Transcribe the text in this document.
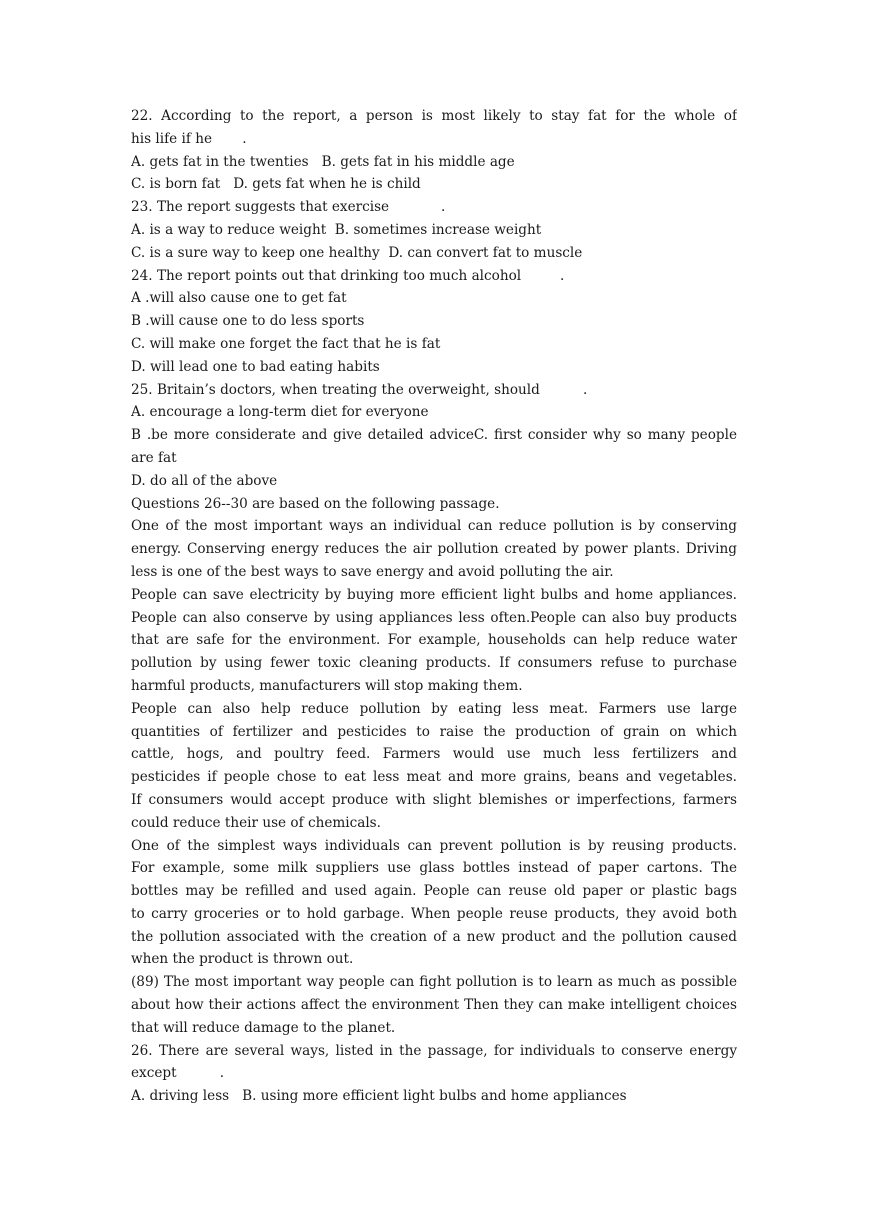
22. According to the report, a person is most likely to stay fat for the whole of
his life if he       .
A. gets fat in the twenties   B. gets fat in his middle age
C. is born fat   D. gets fat when he is child
23. The report suggests that exercise            .
A. is a way to reduce weight  B. sometimes increase weight
C. is a sure way to keep one healthy  D. can convert fat to muscle
24. The report points out that drinking too much alcohol         .
A .will also cause one to get fat
B .will cause one to do less sports
C. will make one forget the fact that he is fat
D. will lead one to bad eating habits
25. Britain’s doctors, when treating the overweight, should          .
A. encourage a long-term diet for everyone
B .be more considerate and give detailed adviceC. first consider why so many people
are fat
D. do all of the above
Questions 26--30 are based on the following passage.
One of the most important ways an individual can reduce pollution is by conserving
energy. Conserving energy reduces the air pollution created by power plants. Driving
less is one of the best ways to save energy and avoid polluting the air.
People can save electricity by buying more efficient light bulbs and home appliances.
People can also conserve by using appliances less often.People can also buy products
that are safe for the environment. For example, households can help reduce water
pollution by using fewer toxic cleaning products. If consumers refuse to purchase
harmful products, manufacturers will stop making them.
People can also help reduce pollution by eating less meat. Farmers use large
quantities of fertilizer and pesticides to raise the production of grain on which
cattle, hogs, and poultry feed. Farmers would use much less fertilizers and
pesticides if people chose to eat less meat and more grains, beans and vegetables.
If consumers would accept produce with slight blemishes or imperfections, farmers
could reduce their use of chemicals.
One of the simplest ways individuals can prevent pollution is by reusing products.
For example, some milk suppliers use glass bottles instead of paper cartons. The
bottles may be refilled and used again. People can reuse old paper or plastic bags
to carry groceries or to hold garbage. When people reuse products, they avoid both
the pollution associated with the creation of a new product and the pollution caused
when the product is thrown out.
(89) The most important way people can fight pollution is to learn as much as possible
about how their actions affect the environment Then they can make intelligent choices
that will reduce damage to the planet.
26. There are several ways, listed in the passage, for individuals to conserve energy
except          .
A. driving less   B. using more efficient light bulbs and home appliances
